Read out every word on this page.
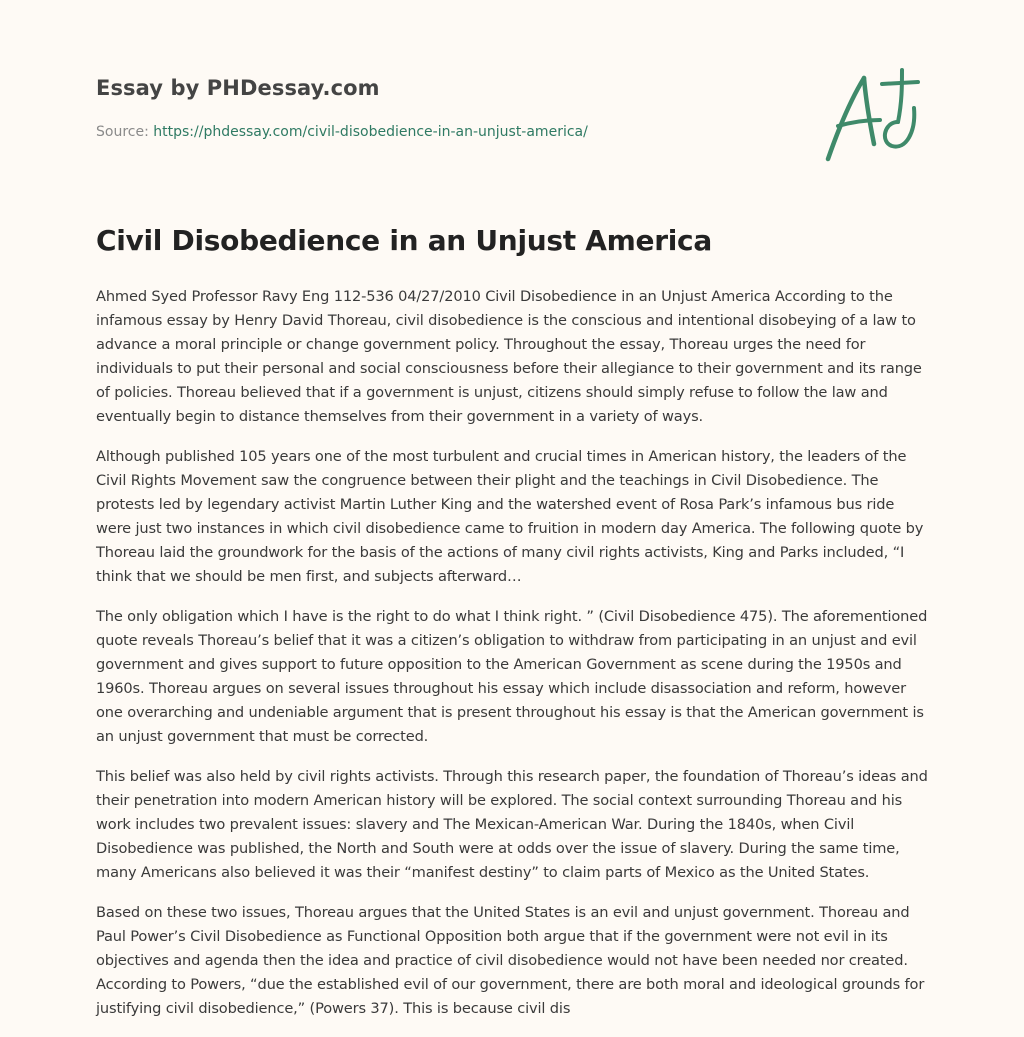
Essay by PHDessay.com

Source: https://phdessay.com/civil-disobedience-in-an-unjust-america/

Civil Disobedience in an Unjust America

Ahmed Syed Professor Ravy Eng 112-536 04/27/2010 Civil Disobedience in an Unjust America According to the infamous essay by Henry David Thoreau, civil disobedience is the conscious and intentional disobeying of a law to advance a moral principle or change government policy. Throughout the essay, Thoreau urges the need for individuals to put their personal and social consciousness before their allegiance to their government and its range of policies. Thoreau believed that if a government is unjust, citizens should simply refuse to follow the law and eventually begin to distance themselves from their government in a variety of ways.

Although published 105 years one of the most turbulent and crucial times in American history, the leaders of the Civil Rights Movement saw the congruence between their plight and the teachings in Civil Disobedience. The protests led by legendary activist Martin Luther King and the watershed event of Rosa Park’s infamous bus ride were just two instances in which civil disobedience came to fruition in modern day America. The following quote by Thoreau laid the groundwork for the basis of the actions of many civil rights activists, King and Parks included, “I think that we should be men first, and subjects afterward…

The only obligation which I have is the right to do what I think right. ” (Civil Disobedience 475). The aforementioned quote reveals Thoreau’s belief that it was a citizen’s obligation to withdraw from participating in an unjust and evil government and gives support to future opposition to the American Government as scene during the 1950s and 1960s. Thoreau argues on several issues throughout his essay which include disassociation and reform, however one overarching and undeniable argument that is present throughout his essay is that the American government is an unjust government that must be corrected.

This belief was also held by civil rights activists. Through this research paper, the foundation of Thoreau’s ideas and their penetration into modern American history will be explored. The social context surrounding Thoreau and his work includes two prevalent issues: slavery and The Mexican-American War. During the 1840s, when Civil Disobedience was published, the North and South were at odds over the issue of slavery. During the same time, many Americans also believed it was their “manifest destiny” to claim parts of Mexico as the United States.

Based on these two issues, Thoreau argues that the United States is an evil and unjust government. Thoreau and Paul Power’s Civil Disobedience as Functional Opposition both argue that if the government were not evil in its objectives and agenda then the idea and practice of civil disobedience would not have been needed nor created. According to Powers, “due the established evil of our government, there are both moral and ideological grounds for justifying civil disobedience,” (Powers 37). This is because civil dis
